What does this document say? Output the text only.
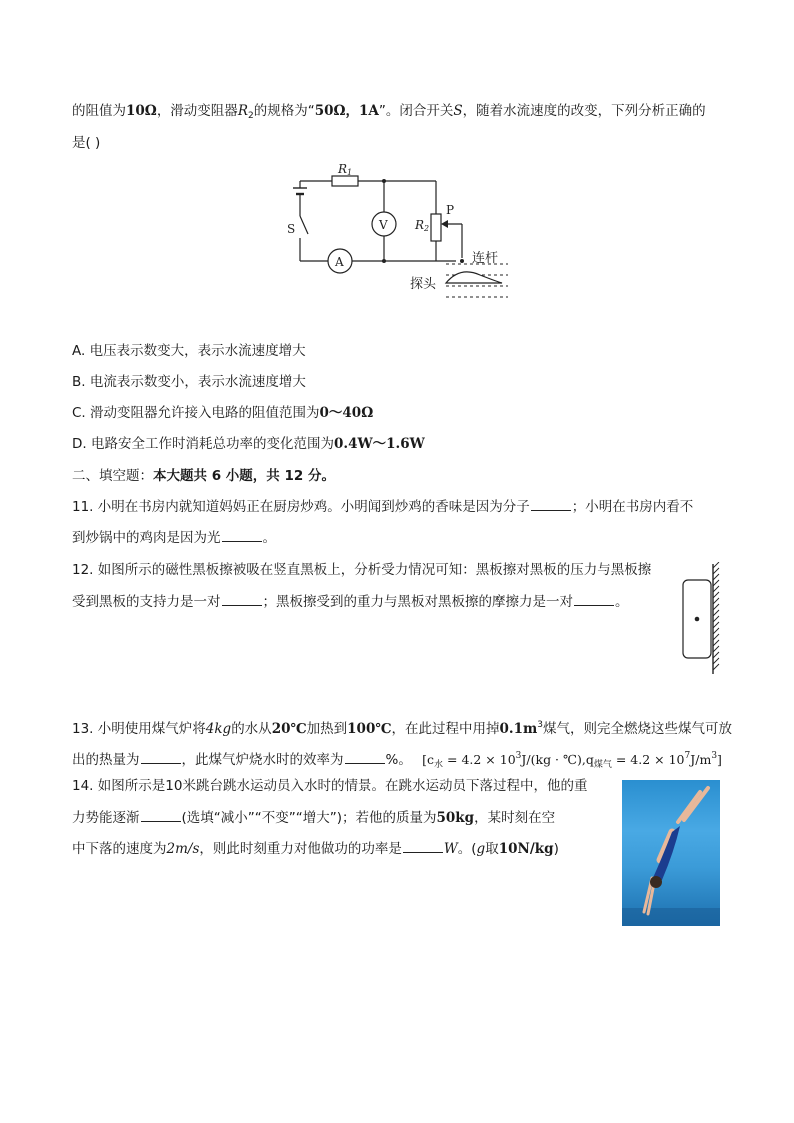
的阻值为10Ω，滑动变阻器$R_2$的规格为“50Ω，1A”。闭合开关S，随着水流速度的改变，下列分析正确的
是( )
R1
R2
P
S	V
A	连杆
探头
A. 电压表示数变大，表示水流速度增大
B. 电流表示数变小，表示水流速度增大
C. 滑动变阻器允许接入电路的阻值范围为0～40Ω
D. 电路安全工作时消耗总功率的变化范围为0.4W～1.6W
二、填空题：本大题共 6 小题，共 12 分。
11. 小明在书房内就知道妈妈正在厨房炒鸡。小明闻到炒鸡的香味是因为分子	；小明在书房内看不
到炒锅中的鸡肉是因为光	。
12. 如图所示的磁性黑板擦被吸在竖直黑板上，分析受力情况可知：黑板擦对黑板的压力与黑板擦
受到黑板的支持力是一对	；黑板擦受到的重力与黑板对黑板擦的摩擦力是一对	。
13. 小明使用煤气炉将4kg的水从20℃加热到100℃，在此过程中用掉$0.1m^3$煤气，则完全燃烧这些煤气可放
出的热量为	，此煤气炉烧水时的效率为	%。 [$c_水 = 4.2 \times 10^3J/(kg$ · $℃),q_{煤气} = 4.2 \times 10^7J/m^3$]
14. 如图所示是10米跳台跳水运动员入水时的情景。在跳水运动员下落过程中，他的重
力势能逐渐	(选填“减小”“不变”“增大”)；若他的质量为50kg，某时刻在空
中下落的速度为2m/s，则此时刻重力对他做功的功率是	W。(g取10N/kg)
